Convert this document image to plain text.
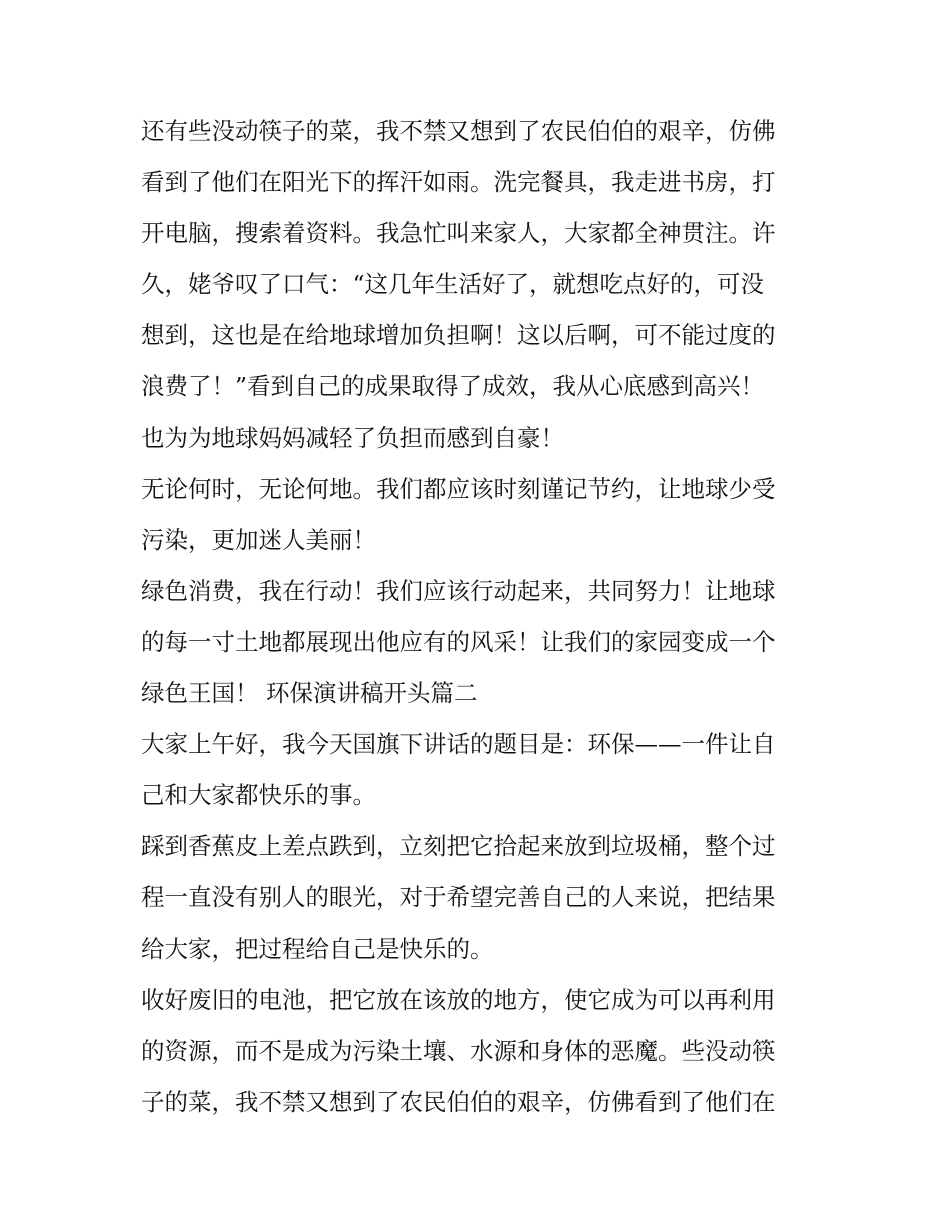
还有些没动筷子的菜，我不禁又想到了农民伯伯的艰辛，仿佛
看到了他们在阳光下的挥汗如雨。洗完餐具，我走进书房，打
开电脑，搜索着资料。我急忙叫来家人，大家都全神贯注。许
久，姥爷叹了口气：“这几年生活好了，就想吃点好的，可没
想到，这也是在给地球增加负担啊！这以后啊，可不能过度的
浪费了！”看到自己的成果取得了成效，我从心底感到高兴！
也为为地球妈妈减轻了负担而感到自豪！
无论何时，无论何地。我们都应该时刻谨记节约，让地球少受
污染，更加迷人美丽！
绿色消费，我在行动！我们应该行动起来，共同努力！让地球
的每一寸土地都展现出他应有的风采！让我们的家园变成一个
绿色王国！ 环保演讲稿开头篇二
大家上午好，我今天国旗下讲话的题目是：环保——一件让自
己和大家都快乐的事。
踩到香蕉皮上差点跌到，立刻把它拾起来放到垃圾桶，整个过
程一直没有别人的眼光，对于希望完善自己的人来说，把结果
给大家，把过程给自己是快乐的。
收好废旧的电池，把它放在该放的地方，使它成为可以再利用
的资源，而不是成为污染土壤、水源和身体的恶魔。些没动筷
子的菜，我不禁又想到了农民伯伯的艰辛，仿佛看到了他们在
